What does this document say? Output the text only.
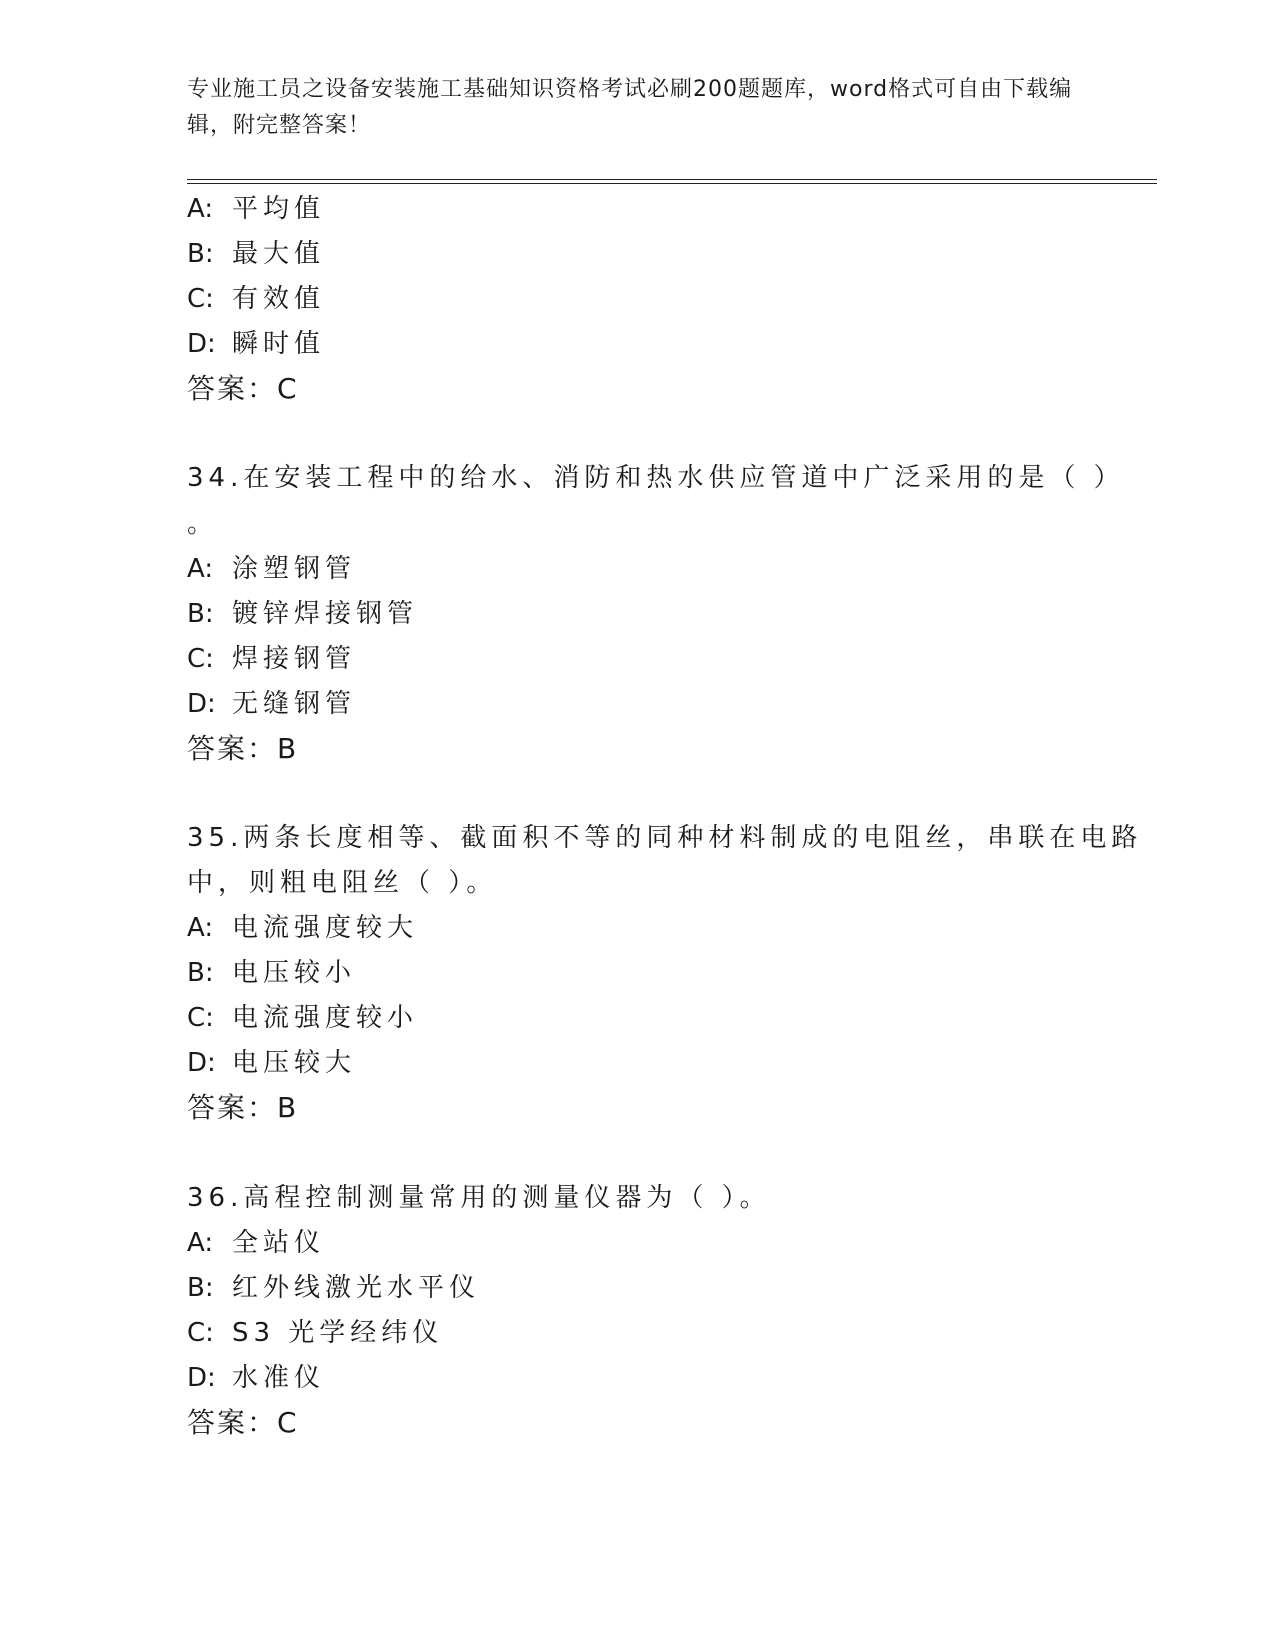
专业施工员之设备安装施工基础知识资格考试必刷200题题库，word格式可自由下载编辑，附完整答案！
A: 平均值
B: 最大值
C: 有效值
D: 瞬时值
答案：C
34.在安装工程中的给水、消防和热水供应管道中广泛采用的是（ ）
。
A: 涂塑钢管
B: 镀锌焊接钢管
C: 焊接钢管
D: 无缝钢管
答案：B
35.两条长度相等、截面积不等的同种材料制成的电阻丝，串联在电路
中，则粗电阻丝（ ）。
A: 电流强度较大
B: 电压较小
C: 电流强度较小
D: 电压较大
答案：B
36.高程控制测量常用的测量仪器为（ ）。
A: 全站仪
B: 红外线激光水平仪
C: S3 光学经纬仪
D: 水准仪
答案：C
